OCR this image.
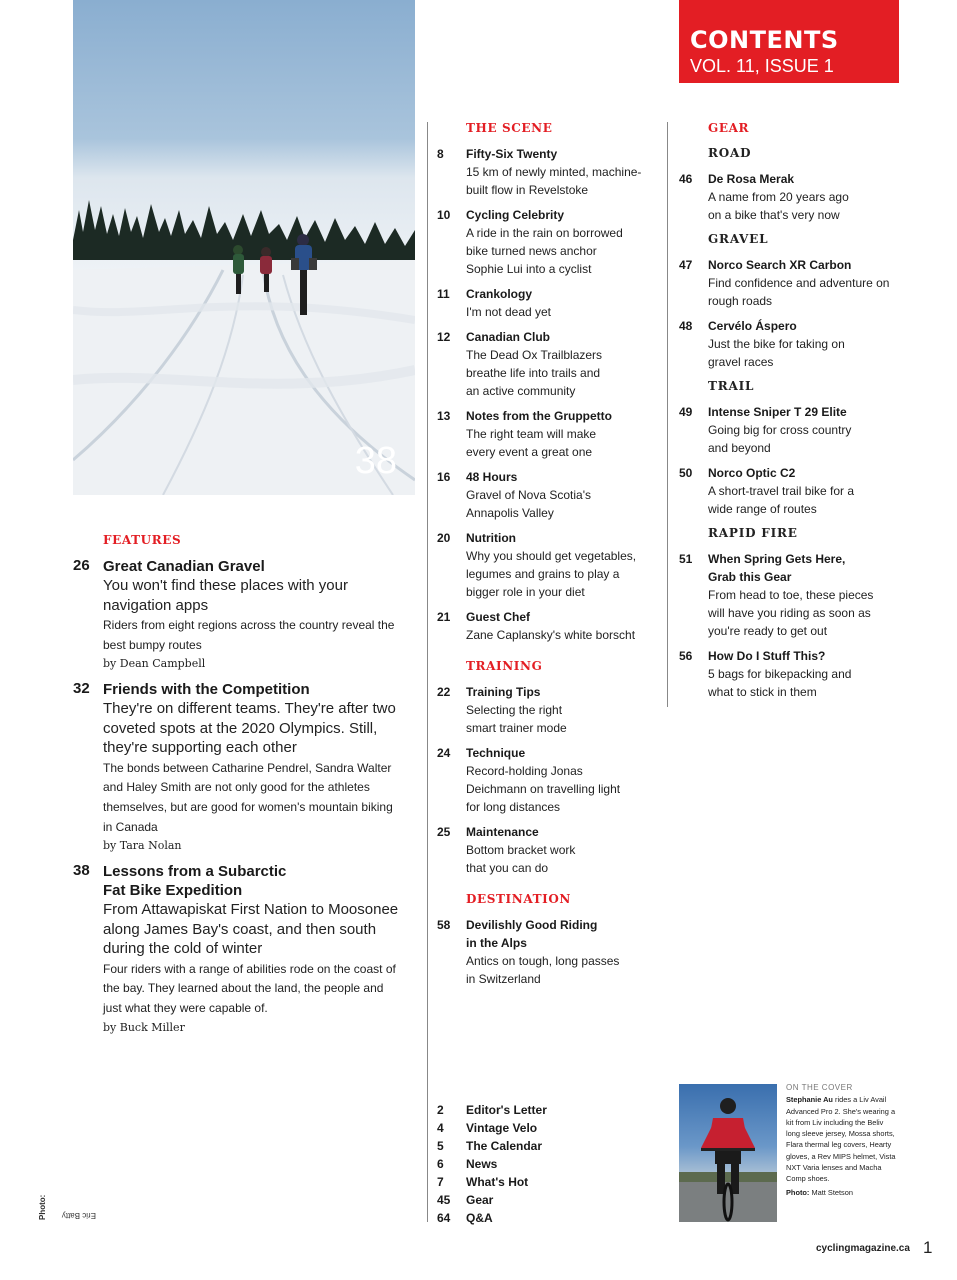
38
CONTENTS
VOL. 11, ISSUE 1
FEATURES
26 Great Canadian Gravel
You won't find these places with your navigation apps
Riders from eight regions across the country reveal the best bumpy routes
by Dean Campbell
32 Friends with the Competition
They're on different teams. They're after two coveted spots at the 2020 Olympics. Still, they're supporting each other
The bonds between Catharine Pendrel, Sandra Walter and Haley Smith are not only good for the athletes themselves, but are good for women's mountain biking in Canada
by Tara Nolan
38 Lessons from a Subarctic Fat Bike Expedition
From Attawapiskat First Nation to Moosonee along James Bay's coast, and then south during the cold of winter
Four riders with a range of abilities rode on the coast of the bay. They learned about the land, the people and just what they were capable of.
by Buck Miller
THE SCENE
8 Fifty-Six Twenty
15 km of newly minted, machine-built flow in Revelstoke
10 Cycling Celebrity
A ride in the rain on borrowed bike turned news anchor Sophie Lui into a cyclist
11 Crankology
I'm not dead yet
12 Canadian Club
The Dead Ox Trailblazers breathe life into trails and an active community
13 Notes from the Gruppetto
The right team will make every event a great one
16 48 Hours
Gravel of Nova Scotia's Annapolis Valley
20 Nutrition
Why you should get vegetables, legumes and grains to play a bigger role in your diet
21 Guest Chef
Zane Caplansky's white borscht
TRAINING
22 Training Tips
Selecting the right smart trainer mode
24 Technique
Record-holding Jonas Deichmann on travelling light for long distances
25 Maintenance
Bottom bracket work that you can do
DESTINATION
58 Devilishly Good Riding in the Alps
Antics on tough, long passes in Switzerland
GEAR
ROAD
46 De Rosa Merak
A name from 20 years ago on a bike that's very now
GRAVEL
47 Norco Search XR Carbon
Find confidence and adventure on rough roads
48 Cervélo Áspero
Just the bike for taking on gravel races
TRAIL
49 Intense Sniper T 29 Elite
Going big for cross country and beyond
50 Norco Optic C2
A short-travel trail bike for a wide range of routes
RAPID FIRE
51 When Spring Gets Here, Grab this Gear
From head to toe, these pieces will have you riding as soon as you're ready to get out
56 How Do I Stuff This?
5 bags for bikepacking and what to stick in them
2 Editor's Letter
4 Vintage Velo
5 The Calendar
6 News
7 What's Hot
45 Gear
64 Q&A
ON THE COVER
Stephanie Au rides a Liv Avail Advanced Pro 2. She's wearing a kit from Liv including the Beliv long sleeve jersey, Mossa shorts, Flara thermal leg covers, Hearty gloves, a Rev MIPS helmet, Vista NXT Varia lenses and Macha Comp shoes.
Photo: Matt Stetson
Photo: Eric Batty
cyclingmagazine.ca 1
